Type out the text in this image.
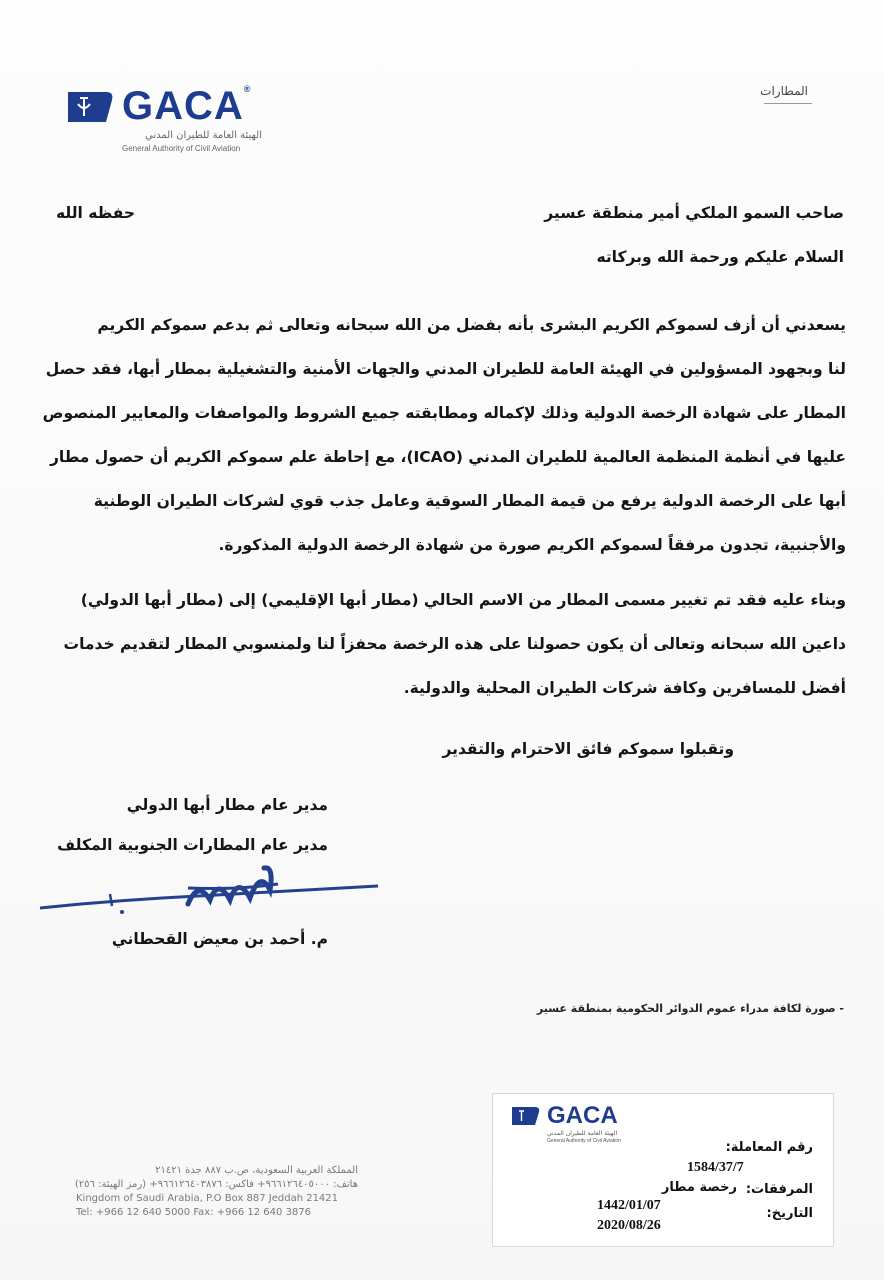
GACA®
الهيئة العامة للطيران المدني
General Authority of Civil Aviation
المطارات
صاحب السمو الملكي أمير منطقة عسير
حفظه الله
السلام عليكم ورحمة الله وبركاته
يسعدني أن أزف لسموكم الكريم البشرى بأنه بفضل من الله سبحانه وتعالى ثم بدعم سموكم الكريم
لنا وبجهود المسؤولين في الهيئة العامة للطيران المدني والجهات الأمنية والتشغيلية بمطار أبها، فقد حصل
المطار على شهادة الرخصة الدولية وذلك لإكماله ومطابقته جميع الشروط والمواصفات والمعايير المنصوص
عليها في أنظمة المنظمة العالمية للطيران المدني (ICAO)، مع إحاطة علم سموكم الكريم أن حصول مطار
أبها على الرخصة الدولية يرفع من قيمة المطار السوقية وعامل جذب قوي لشركات الطيران الوطنية
والأجنبية، تجدون مرفقاً لسموكم الكريم صورة من شهادة الرخصة الدولية المذكورة.
وبناء عليه فقد تم تغيير مسمى المطار من الاسم الحالي (مطار أبها الإقليمي) إلى (مطار أبها الدولي)
داعين الله سبحانه وتعالى أن يكون حصولنا على هذه الرخصة محفزاً لنا ولمنسوبي المطار لتقديم خدمات
أفضل للمسافرين وكافة شركات الطيران المحلية والدولية.
وتقبلوا سموكم فائق الاحترام والتقدير
مدير عام مطار أبها الدولي
مدير عام المطارات الجنوبية المكلف
م. أحمد بن معيض القحطاني
- صورة لكافة مدراء عموم الدوائر الحكومية بمنطقة عسير
المملكة العربية السعودية، ص.ب ٨٨٧ جدة ٢١٤٢١
هاتف: ٩٦٦١٢٦٤٠٥٠٠٠+ فاكس: ٩٦٦١٢٦٤٠٣٨٧٦+ (رمز الهيئة: ٢٥٦)
Kingdom of Saudi Arabia, P.O Box 887 Jeddah 21421
Tel: +966 12 640 5000 Fax: +966 12 640 3876
GACA
الهيئة العامة للطيران المدني
General Authority of Civil Aviation	رقم المعاملة:
1584/37/7
المرفقات:
رخصة مطار
1442/01/07
التاريخ:
2020/08/26
